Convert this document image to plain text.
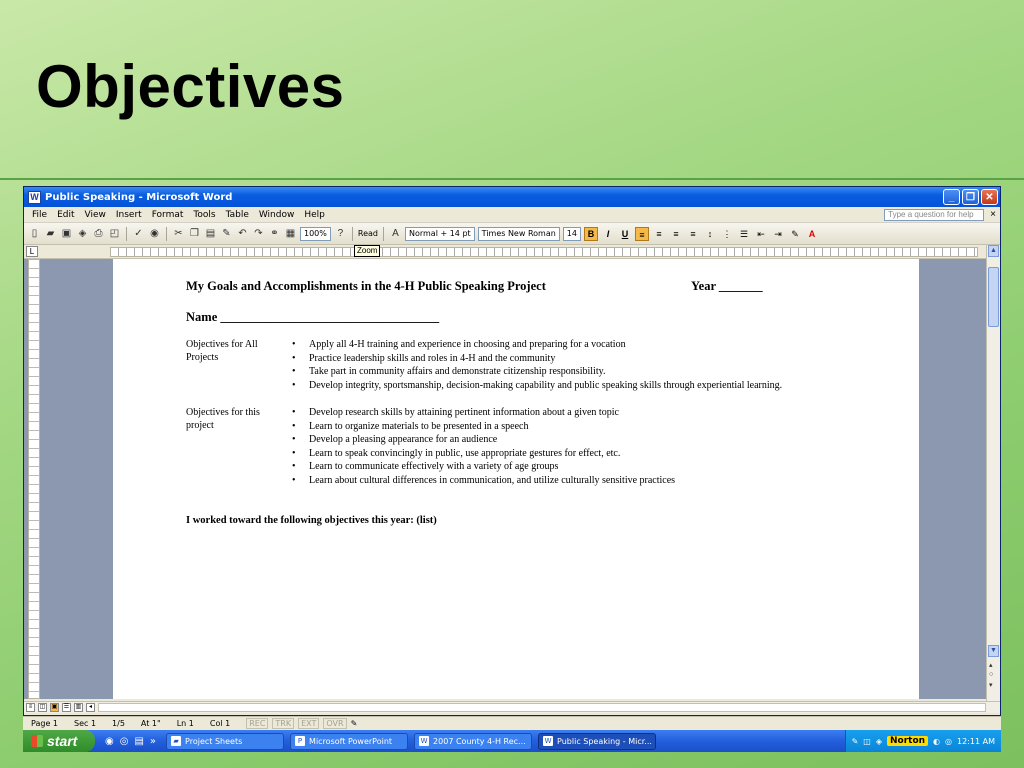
Objectives
W Public Speaking - Microsoft Word	_	❐	✕
File Edit View Insert Format Tools Table Window Help	Type a question for help	×
▯ ▰ ▣ ◈ ⎙ ◰ ✓ ◉ ✂ ❐ ▤ ✎ ↶ ↷ ⚭ ▦	100%	?	Read	A	Normal + 14 pt	Times New Roman	14	B	I	U	≡	≡	≡	≡	↕	⋮ ☰	⇤	⇥	✎	A
L	Zoom
My Goals and Accomplishments in the 4-H Public Speaking Project	Year _______
Name ___________________________________
Objectives for All Projects
• Apply all 4-H training and experience in choosing and preparing for a vocation
• Practice leadership skills and roles in 4-H and the community
• Take part in community affairs and demonstrate citizenship responsibility.
• Develop integrity, sportsmanship, decision-making capability and public speaking skills through experiential learning.
Objectives for this project
• Develop research skills by attaining pertinent information about a given topic
• Learn to organize materials to be presented in a speech
• Develop a pleasing appearance for an audience
• Learn to speak convincingly in public, use appropriate gestures for effect, etc.
• Learn to communicate effectively with a variety of age groups
• Learn about cultural differences in communication, and utilize culturally sensitive practices
I worked toward the following objectives this year: (list)
▲
▼
▴
○
▾
≡	◫ ▣ ☰	▥	◂
Page 1 Sec 1 1/5 At 1" Ln 1 Col 1	REC	TRK	EXT	OVR ✎
start	◉ ◎ ▤ »	▰ Project Sheets	P Microsoft PowerPoint	W 2007 County 4-H Rec...	W Public Speaking - Micr...	✎ ◫ ◈ Norton	◐ ◎ 12:11 AM
